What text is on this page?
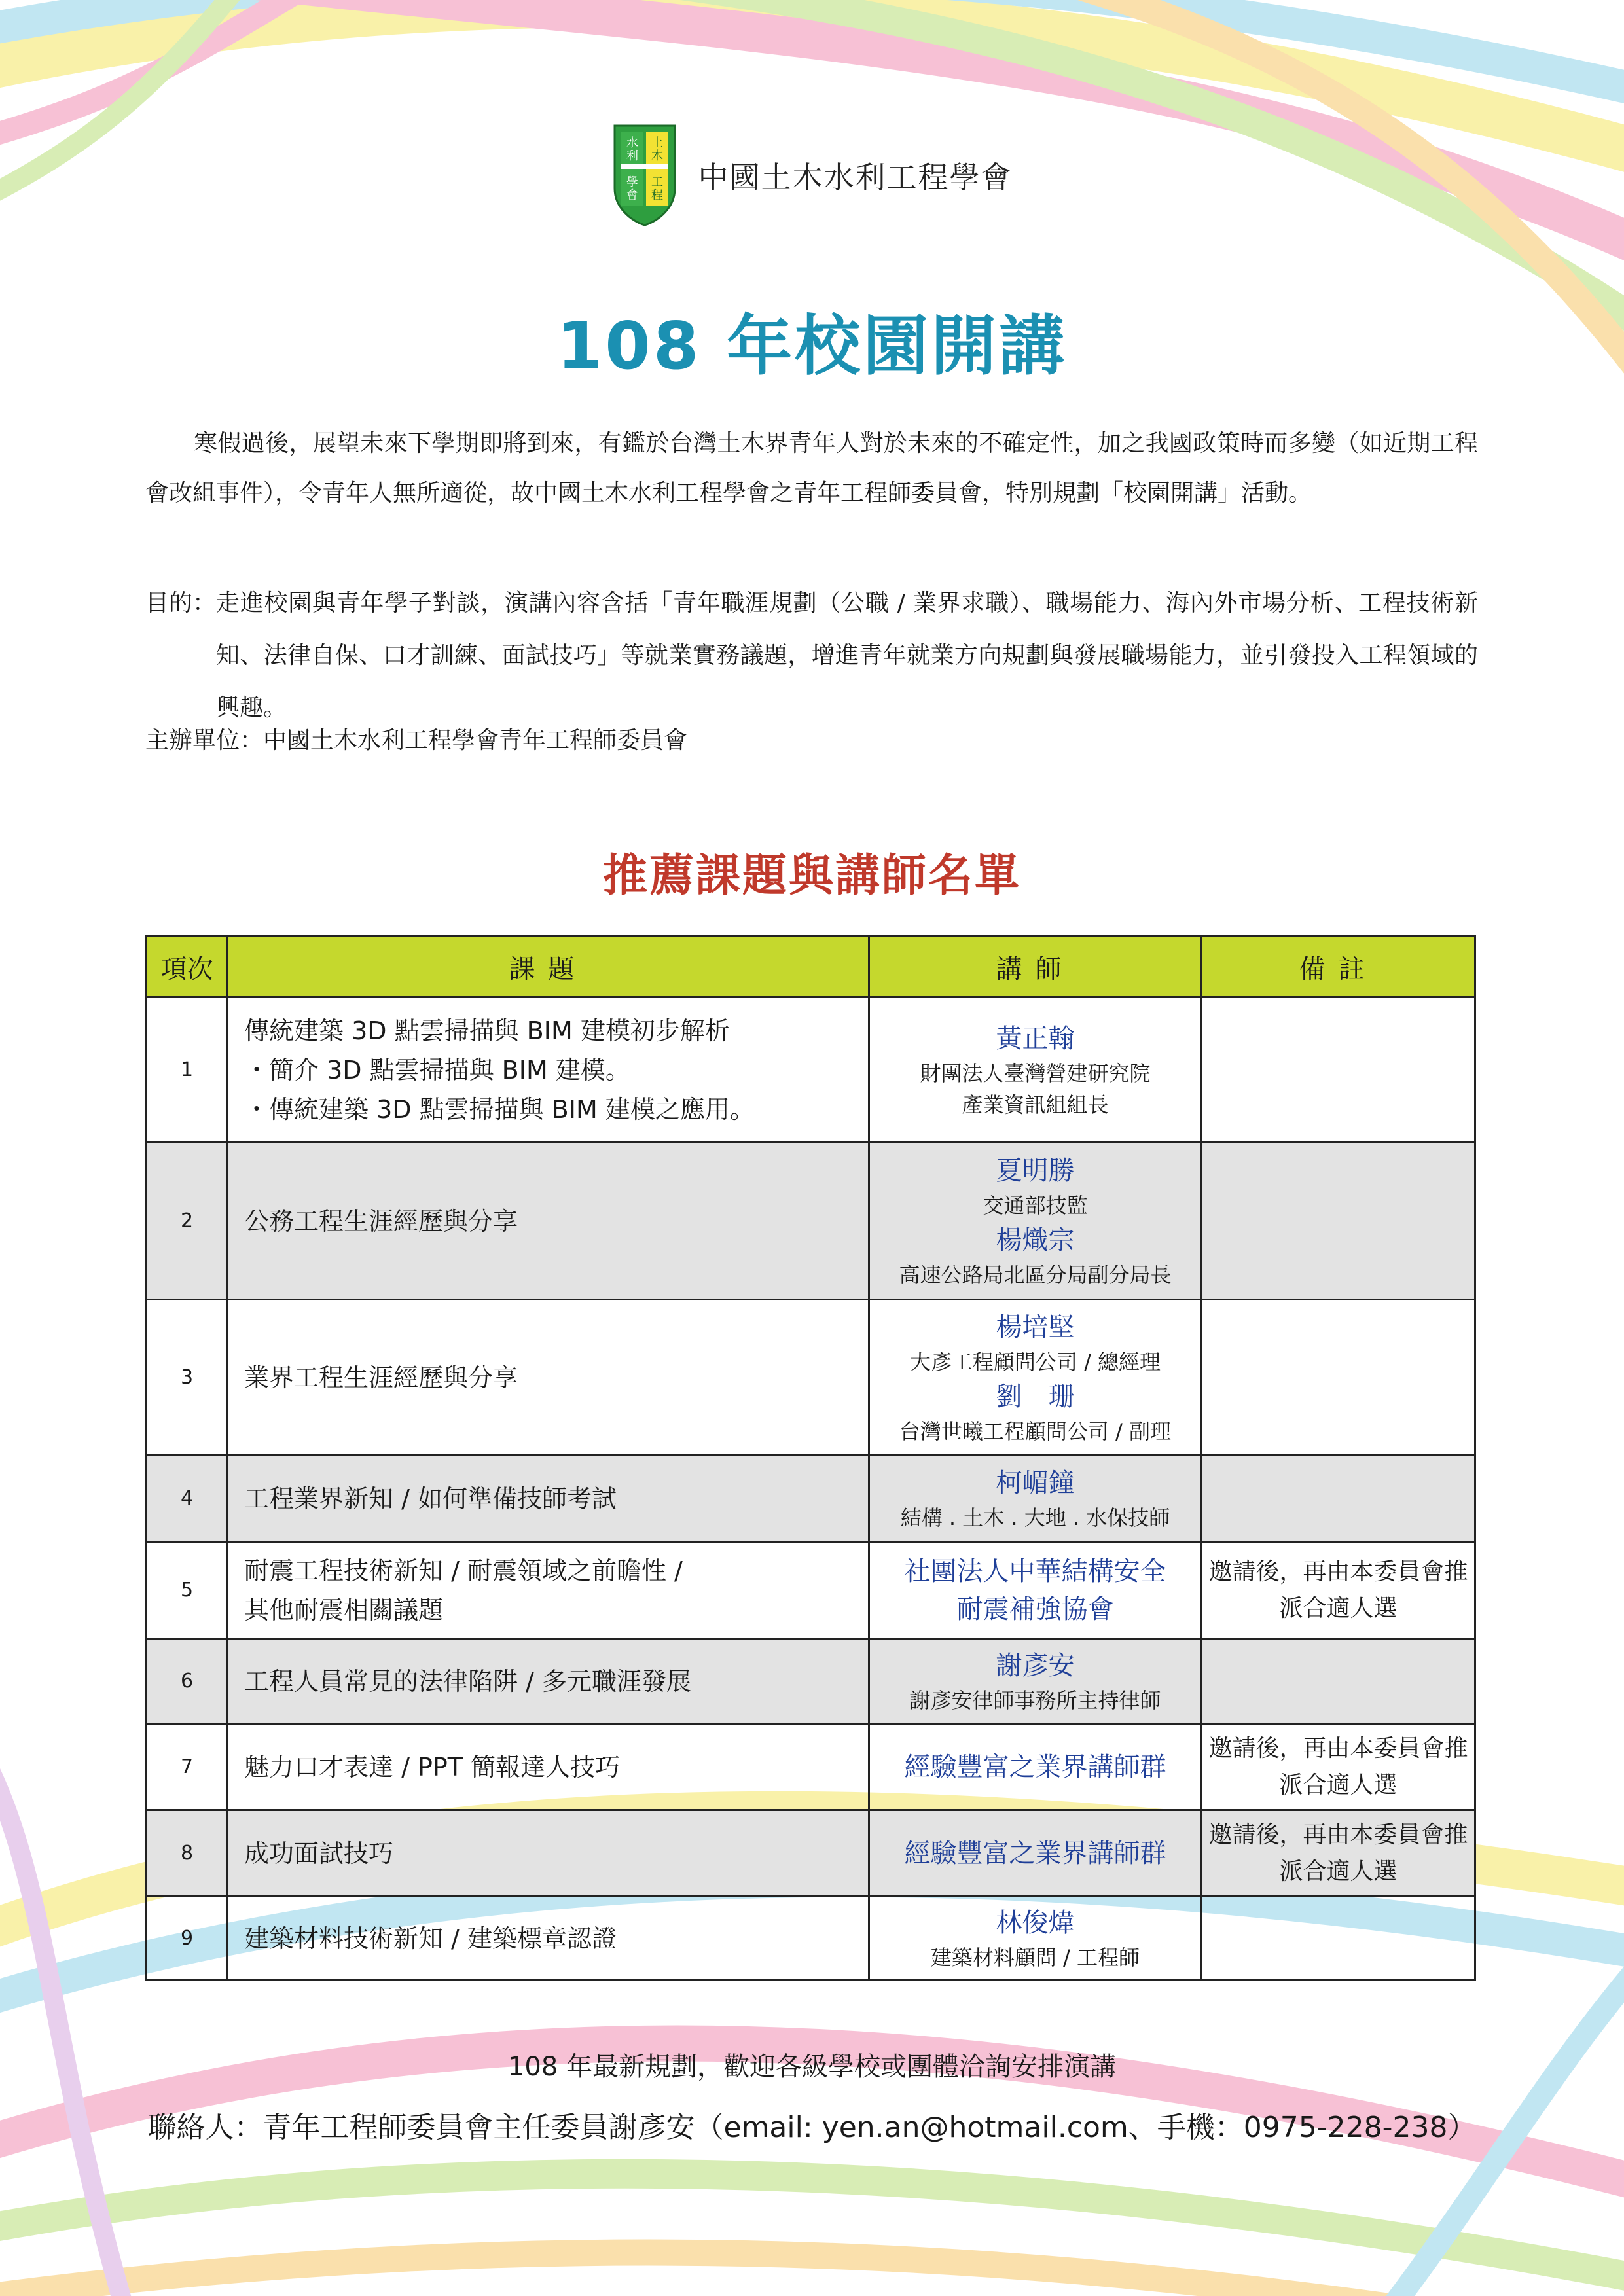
水
利
土
木
學
會
工
程
中國土木水利工程學會
108 年校園開講

寒假過後，展望未來下學期即將到來，有鑑於台灣土木界青年人對於未來的不確定性，加之我國政策時而多變（如近期工程會改組事件），令青年人無所適從，故中國土木水利工程學會之青年工程師委員會，特別規劃「校園開講」活動。

目的： 走進校園與青年學子對談，演講內容含括「青年職涯規劃（公職 / 業界求職）、職場能力、海內外市場分析、工程技術新知、法律自保、口才訓練、面試技巧」等就業實務議題，增進青年就業方向規劃與發展職場能力，並引發投入工程領域的興趣。
主辦單位：中國土木水利工程學會青年工程師委員會
推薦課題與講師名單
項次	課題	講師	備註
1	傳統建築 3D 點雲掃描與 BIM 建模初步解析
・簡介 3D 點雲掃描與 BIM 建模。
・傳統建築 3D 點雲掃描與 BIM 建模之應用。	黃正翰
財團法人臺灣營建研究院
產業資訊組組長	

2	公務工程生涯經歷與分享	夏明勝
交通部技監
楊熾宗
高速公路局北區分局副分局長	

3	業界工程生涯經歷與分享	楊培堅
大彥工程顧問公司 / 總經理
劉　珊
台灣世曦工程顧問公司 / 副理	

4	工程業界新知 / 如何準備技師考試	柯嵋鐘
結構 . 土木 . 大地 . 水保技師	

5	耐震工程技術新知 / 耐震領域之前瞻性 /
其他耐震相關議題	社團法人中華結構安全
耐震補強協會	邀請後，再由本委員會推派合適人選
6	工程人員常見的法律陷阱 / 多元職涯發展	謝彥安
謝彥安律師事務所主持律師	

7	魅力口才表達 / PPT 簡報達人技巧	經驗豐富之業界講師群	邀請後，再由本委員會推派合適人選
8	成功面試技巧	經驗豐富之業界講師群	邀請後，再由本委員會推派合適人選
9	建築材料技術新知 / 建築標章認證	林俊煒
建築材料顧問 / 工程師	

108 年最新規劃，歡迎各級學校或團體洽詢安排演講
聯絡人：青年工程師委員會主任委員謝彥安（email: yen.an@hotmail.com、手機：0975-228-238）
